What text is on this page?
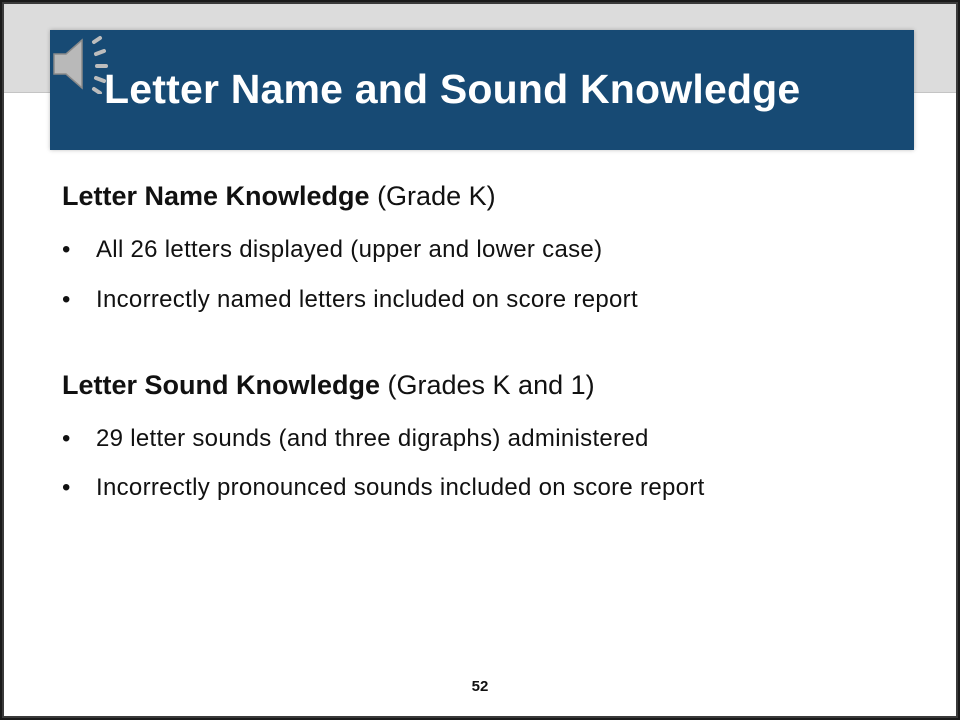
Letter Name and Sound Knowledge

Letter Name Knowledge (Grade K)

• All 26 letters displayed (upper and lower case)
• Incorrectly named letters included on score report

Letter Sound Knowledge (Grades K and 1)

• 29 letter sounds (and three digraphs) administered
• Incorrectly pronounced sounds included on score report
52
